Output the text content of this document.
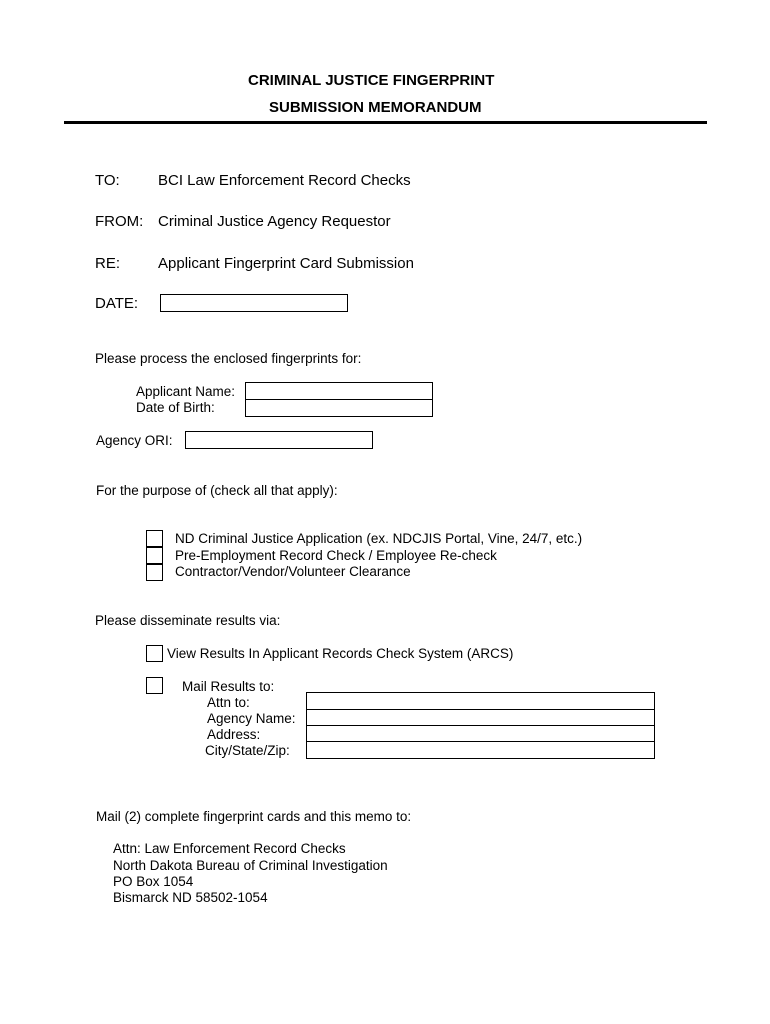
CRIMINAL JUSTICE FINGERPRINT
SUBMISSION MEMORANDUM
TO:	BCI Law Enforcement Record Checks
FROM: Criminal Justice Agency Requestor
RE:	Applicant Fingerprint Card Submission
DATE:
Please process the enclosed fingerprints for:
Applicant Name:
Date of Birth:
Agency ORI:
For the purpose of (check all that apply):
ND Criminal Justice Application (ex. NDCJIS Portal, Vine, 24/7, etc.)
Pre-Employment Record Check / Employee Re-check
Contractor/Vendor/Volunteer Clearance
Please disseminate results via:
View Results In Applicant Records Check System (ARCS)
Mail Results to:
Attn to:
Agency Name:
Address:
City/State/Zip:
Mail (2) complete fingerprint cards and this memo to:
Attn: Law Enforcement Record Checks
North Dakota Bureau of Criminal Investigation
PO Box 1054
Bismarck ND 58502-1054
